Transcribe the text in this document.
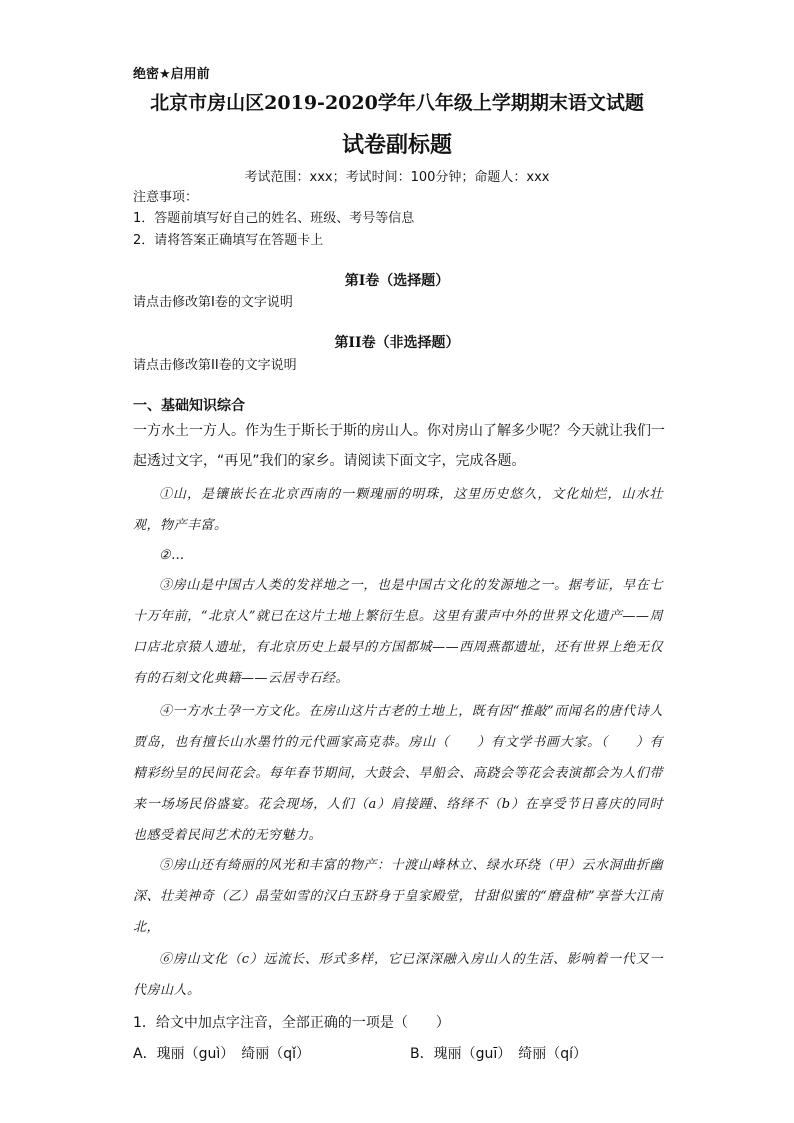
绝密★启用前
北京市房山区2019-2020学年八年级上学期期末语文试题
试卷副标题
考试范围：xxx；考试时间：100分钟；命题人：xxx
注意事项：
1．答题前填写好自己的姓名、班级、考号等信息
2．请将答案正确填写在答题卡上
第I卷（选择题）
请点击修改第I卷的文字说明
第II卷（非选择题）
请点击修改第II卷的文字说明
一、基础知识综合
一方水土一方人。作为生于斯长于斯的房山人。你对房山了解多少呢？今天就让我们一起透过文字，“再见”我们的家乡。请阅读下面文字，完成各题。
①山，是镶嵌长在北京西南的一颗瑰丽的明珠，这里历史悠久，文化灿烂，山水壮观，物产丰富。
②…
③房山是中国古人类的发祥地之一，也是中国古文化的发源地之一。据考证，早在七十万年前，“北京人”就已在这片土地上繁衍生息。这里有蜚声中外的世界文化遗产——周口店北京猿人遗址，有北京历史上最早的方国都城——西周燕都遗址，还有世界上绝无仅有的石刻文化典籍——云居寺石经。
④一方水土孕一方文化。在房山这片古老的土地上，既有因“推敲”而闻名的唐代诗人贾岛，也有擅长山水墨竹的元代画家高克恭。房山（　　）有文学书画大家。（　　）有精彩纷呈的民间花会。每年春节期间，大鼓会、旱船会、高跷会等花会表演都会为人们带来一场场民俗盛宴。花会现场，人们（a）肩接踵、络绎不（b）在享受节日喜庆的同时也感受着民间艺术的无穷魅力。
⑤房山还有绮丽的风光和丰富的物产：十渡山峰林立、绿水环绕（甲）云水洞曲折幽深、壮美神奇（乙）晶莹如雪的汉白玉跻身于皇家殿堂，甘甜似蜜的“磨盘柿”享誉大江南北，
⑥房山文化（c）远流长、形式多样，它已深深融入房山人的生活、影响着一代又一代房山人。
1．给文中加点字注音，全部正确的一项是（　　）
A．瑰丽（guì）　绮丽（qǐ）	B．瑰丽（guī）　绮丽（qí）
